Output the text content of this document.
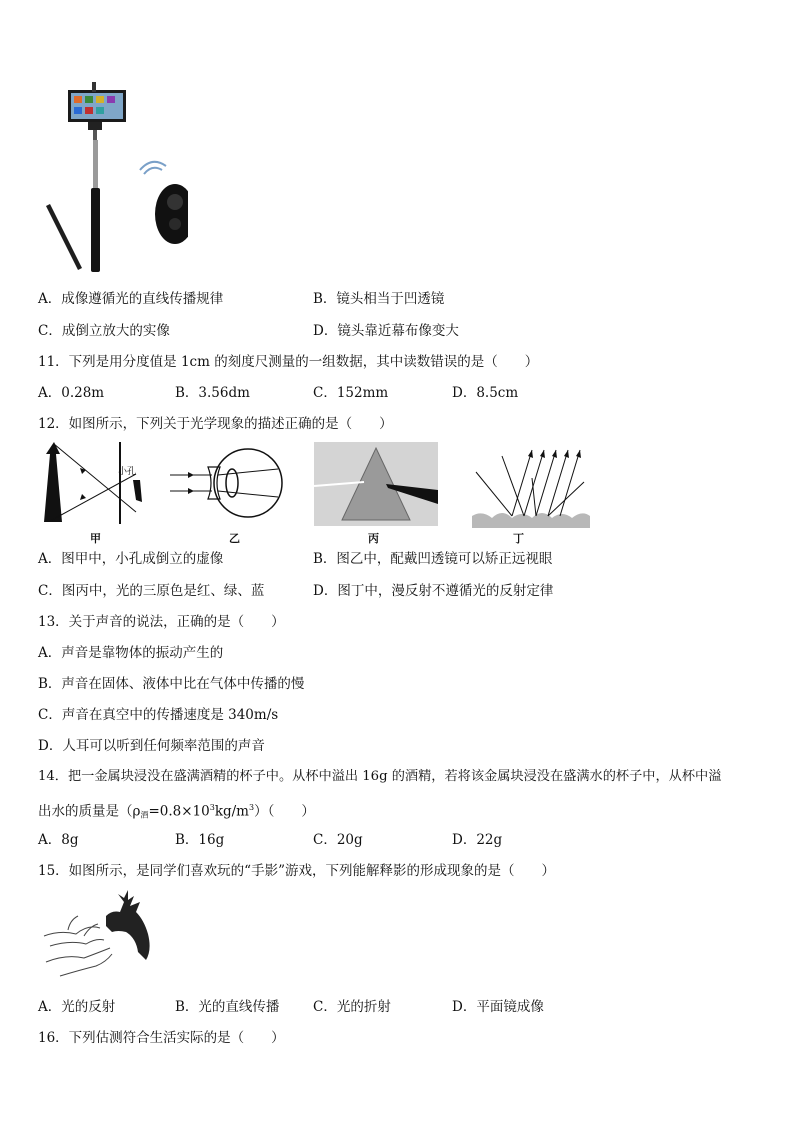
A．成像遵循光的直线传播规律	B．镜头相当于凹透镜
C．成倒立放大的实像	D．镜头靠近幕布像变大
11．下列是用分度值是 1cm 的刻度尺测量的一组数据，其中读数错误的是（　　）
A．0.28m	B．3.56dm	C．152mm	D．8.5cm
12．如图所示，下列关于光学现象的描述正确的是（　　）
小孔
甲	乙	丙	丁
A．图甲中，小孔成倒立的虚像	B．图乙中，配戴凹透镜可以矫正远视眼
C．图丙中，光的三原色是红、绿、蓝	D．图丁中，漫反射不遵循光的反射定律
13．关于声音的说法，正确的是（　　）
A．声音是靠物体的振动产生的
B．声音在固体、液体中比在气体中传播的慢
C．声音在真空中的传播速度是 340m/s
D．人耳可以听到任何频率范围的声音
14．把一金属块浸没在盛满酒精的杯子中。从杯中溢出 16g 的酒精，若将该金属块浸没在盛满水的杯子中，从杯中溢
出水的质量是$(\rho_酒=0.8\times 10^3kg/m^3)$（　　）
A．8g	B．16g	C．20g	D．22g
15．如图所示，是同学们喜欢玩的“手影”游戏，下列能解释影的形成现象的是（　　）
A．光的反射	B．光的直线传播 C．光的折射	D．平面镜成像
16．下列估测符合生活实际的是（　　）
